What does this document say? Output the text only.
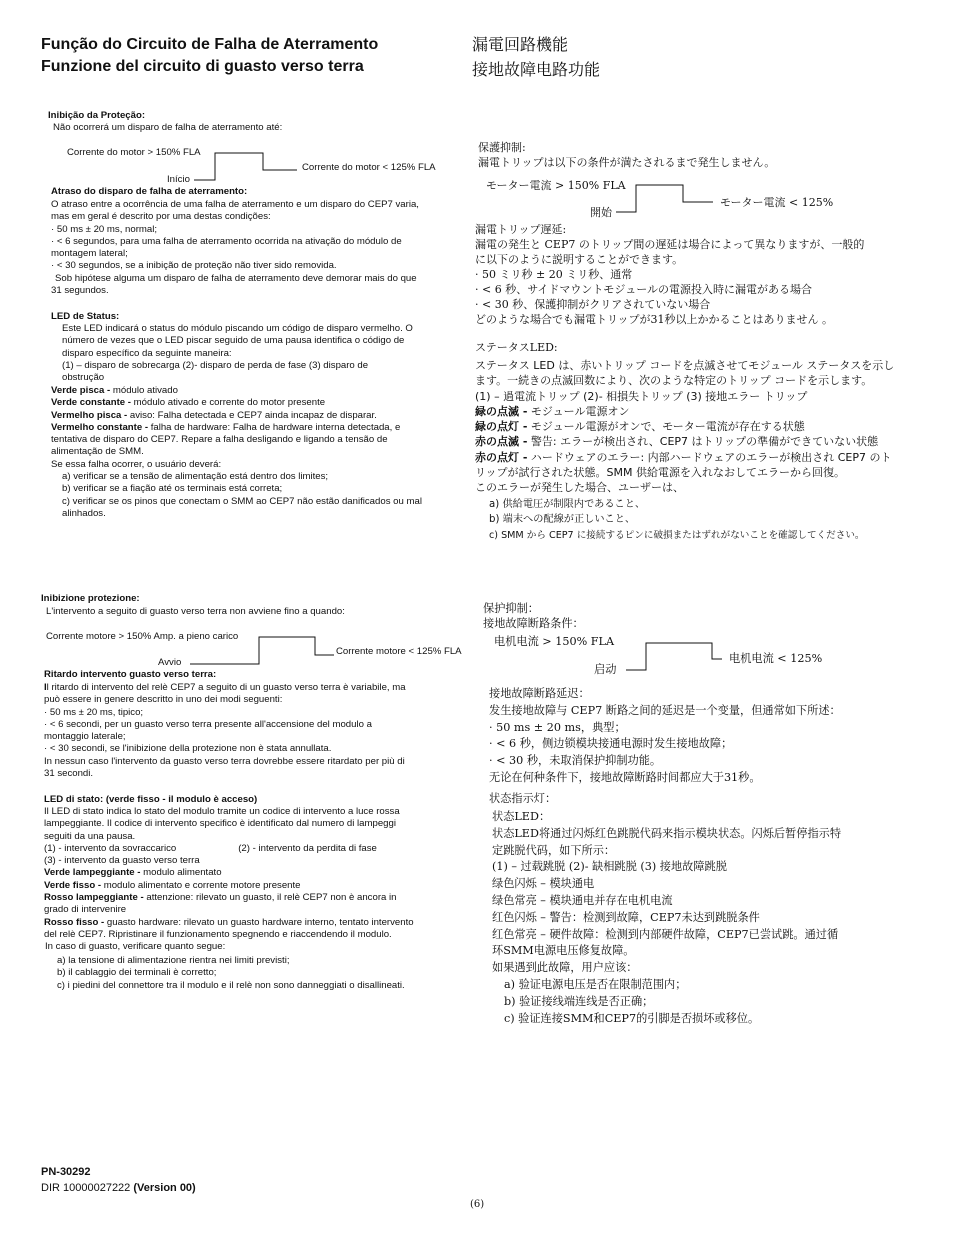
Função do Circuito de Falha de Aterramento
Funzione del circuito di guasto verso terra
漏電回路機能
接地故障电路功能
Inibição da Proteção:
Não ocorrerá um disparo de falha de aterramento até:
Corrente do motor > 150% FLA
Corrente do motor < 125% FLA
Início
Atraso do disparo de falha de aterramento:

O atraso entre a ocorrência de uma falha de aterramento e um disparo do CEP7 varia,

mas em geral é descrito por uma destas condições:

· 50 ms ± 20 ms, normal;

· < 6 segundos, para uma falha de aterramento ocorrida na ativação do módulo de

montagem lateral;

· < 30 segundos, se a inibição de proteção não tiver sido removida.

Sob hipótese alguma um disparo de falha de aterramento deve demorar mais do que

31 segundos.

LED de Status:

Este LED indicará o status do módulo piscando um código de disparo vermelho. O

número de vezes que o LED piscar seguido de uma pausa identifica o código de

disparo específico da seguinte maneira:

(1) – disparo de sobrecarga (2)- disparo de perda de fase (3) disparo de

obstrução

Verde pisca - módulo ativado

Verde constante - módulo ativado e corrente do motor presente

Vermelho pisca - aviso: Falha detectada e CEP7 ainda incapaz de disparar.

Vermelho constante - falha de hardware: Falha de hardware interna detectada, e

tentativa de disparo do CEP7. Repare a falha desligando e ligando a tensão de

alimentação de SMM.

Se essa falha ocorrer, o usuário deverá:

a) verificar se a tensão de alimentação está dentro dos limites;

b) verificar se a fiação até os terminais está correta;

c) verificar se os pinos que conectam o SMM ao CEP7 não estão danificados ou mal

alinhados.

保護抑制:
漏電トリップは以下の条件が満たされるまで発生しません。
モーター電流 > 150% FLA
モーター電流 < 125%
開始

漏電トリップ遅延:

漏電の発生と CEP7 のトリップ間の遅延は場合によって異なりますが、一般的

に以下のように説明することができます。

· 50 ミリ秒 ± 20 ミリ秒、通常

· < 6 秒、サイドマウントモジュールの電源投入時に漏電がある場合

· < 30 秒、保護抑制がクリアされていない場合

どのような場合でも漏電トリップが31秒以上かかることはありません 。

ステータスLED:

ステータス LED は、赤いトリップ コードを点滅させてモジュール ステータスを示し

ます。一続きの点滅回数により、次のような特定のトリップ コードを示します。

(1) – 過電流トリップ (2)- 相損失トリップ (3) 接地エラー トリップ

緑の点滅 - モジュール電源オン

緑の点灯 - モジュール電源がオンで、モーター電流が存在する状態

赤の点滅 - 警告: エラーが検出され、CEP7 はトリップの準備ができていない状態

赤の点灯 - ハードウェアのエラー: 内部ハードウェアのエラーが検出され CEP7 のト

リップが試行された状態。SMM 供給電源を入れなおしてエラーから回復。

このエラーが発生した場合、ユーザーは、

a) 供給電圧が制限内であること、

b) 端末への配線が正しいこと、

c) SMM から CEP7 に接続するピンに破損またはずれがないことを確認してください。

Inibizione protezione:
L'intervento a seguito di guasto verso terra non avviene fino a quando:
Corrente motore > 150% Amp. a pieno carico
Corrente motore < 125% FLA
Avvio
Ritardo intervento guasto verso terra:

Il ritardo di intervento del relè CEP7 a seguito di un guasto verso terra è variabile, ma

può essere in genere descritto in uno dei modi seguenti:

· 50 ms ± 20 ms, tipico;

· < 6 secondi, per un guasto verso terra presente all'accensione del modulo a

montaggio laterale;

· < 30 secondi, se l'inibizione della protezione non è stata annullata.

In nessun caso l'intervento da guasto verso terra dovrebbe essere ritardato per più di

31 secondi.

LED di stato: (verde fisso - il modulo è acceso)

Il LED di stato indica lo stato del modulo tramite un codice di intervento a luce rossa

lampeggiante. Il codice di intervento specifico è identificato dal numero di lampeggi

seguiti da una pausa.

(1) - intervento da sovraccarico	(2) - intervento da perdita di fase

(3) - intervento da guasto verso terra

Verde lampeggiante - modulo alimentato

Verde fisso - modulo alimentato e corrente motore presente

Rosso lampeggiante - attenzione: rilevato un guasto, il relè CEP7 non è ancora in

grado di intervenire

Rosso fisso - guasto hardware: rilevato un guasto hardware interno, tentato intervento

del relè CEP7. Ripristinare il funzionamento spegnendo e riaccendendo il modulo.

In caso di guasto, verificare quanto segue:

a) la tensione di alimentazione rientra nei limiti previsti;

b) il cablaggio dei terminali è corretto;

c) i piedini del connettore tra il modulo e il relè non sono danneggiati o disallineati.

保护抑制：
接地故障断路条件：
电机电流 > 150% FLA
电机电流 < 125%
启动

接地故障断路延迟：

发生接地故障与 CEP7 断路之间的延迟是一个变量，但通常如下所述：

· 50 ms ± 20 ms，典型；

· < 6 秒，侧边锁模块接通电源时发生接地故障；

· < 30 秒，未取消保护抑制功能。

无论在何种条件下，接地故障断路时间都应大于31秒。

状态指示灯：

状态LED：

状态LED将通过闪烁红色跳脱代码来指示模块状态。闪烁后暂停指示特

定跳脱代码，如下所示：

(1) – 过载跳脱 (2)- 缺相跳脱 (3) 接地故障跳脱

绿色闪烁 – 模块通电

绿色常亮 – 模块通电并存在电机电流

红色闪烁 – 警告：检测到故障，CEP7未达到跳脱条件

红色常亮 – 硬件故障：检测到内部硬件故障，CEP7已尝试跳。通过循

环SMM电源电压修复故障。

如果遇到此故障，用户应该：

a) 验证电源电压是否在限制范围内；

b) 验证接线端连线是否正确；

c) 验证连接SMM和CEP7的引脚是否损坏或移位。

PN-30292
DIR 10000027222 (Version 00)
(6)
